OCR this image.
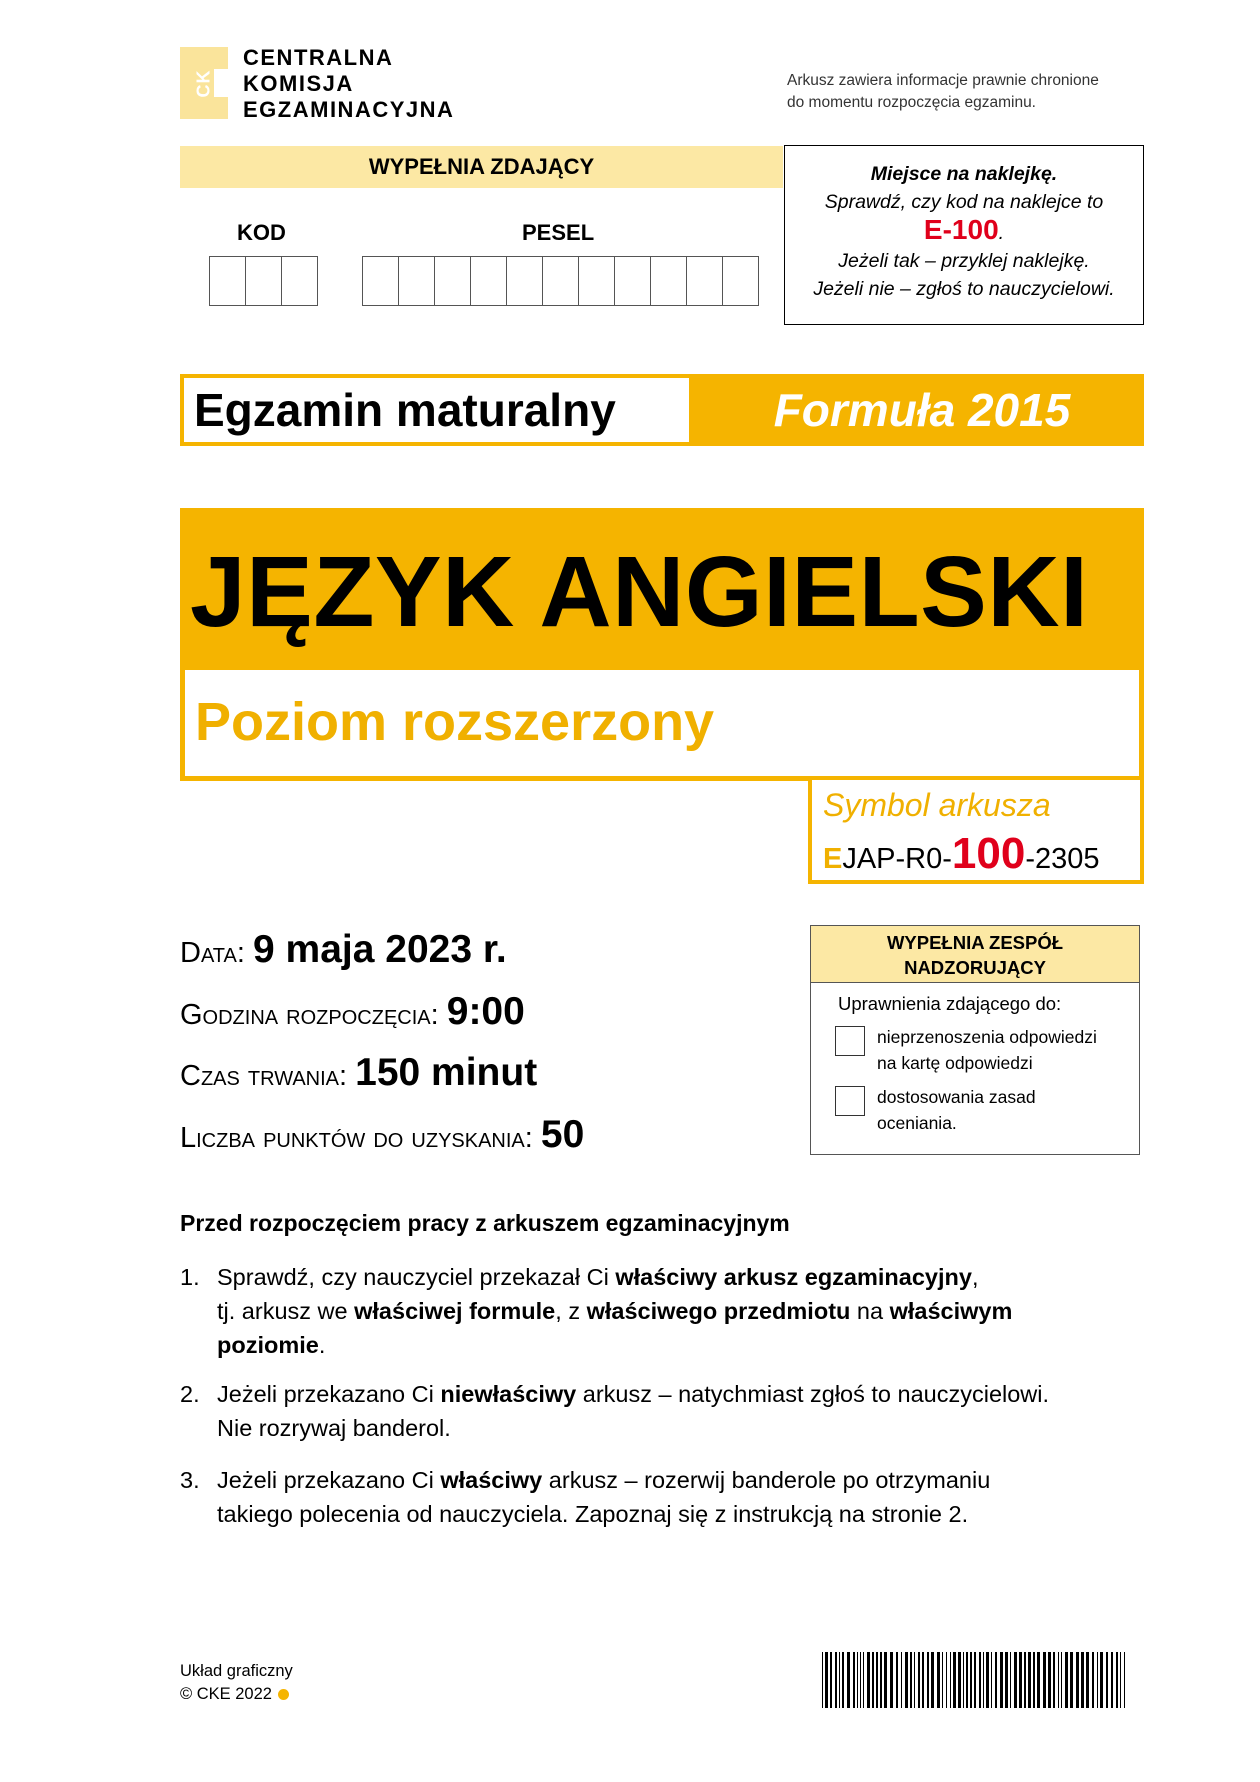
CK
CENTRALNA
KOMISJA
EGZAMINACYJNA
Arkusz zawiera informacje prawnie chronione
do momentu rozpoczęcia egzaminu.
WYPEŁNIA ZDAJĄCY
KOD	PESEL
Miejsce na naklejkę.
Sprawdź, czy kod na naklejce to
E-100.
Jeżeli tak – przyklej naklejkę.
Jeżeli nie – zgłoś to nauczycielowi.
Egzamin maturalny	Formuła 2015
JĘZYK ANGIELSKI
Poziom rozszerzony
Symbol arkusza
EJAP-R0-100-2305
Data: 9 maja 2023 r.
Godzina rozpoczęcia: 9:00
Czas trwania: 150 minut
Liczba punktów do uzyskania: 50
WYPEŁNIA ZESPÓŁ
NADZORUJĄCY
Uprawnienia zdającego do:
nieprzenoszenia odpowiedzi
na kartę odpowiedzi
dostosowania zasad
oceniania.
Przed rozpoczęciem pracy z arkuszem egzaminacyjnym
1. Sprawdź, czy nauczyciel przekazał Ci właściwy arkusz egzaminacyjny,
tj. arkusz we właściwej formule, z właściwego przedmiotu na właściwym
poziomie.
2. Jeżeli przekazano Ci niewłaściwy arkusz – natychmiast zgłoś to nauczycielowi.
Nie rozrywaj banderol.
3. Jeżeli przekazano Ci właściwy arkusz – rozerwij banderole po otrzymaniu
takiego polecenia od nauczyciela. Zapoznaj się z instrukcją na stronie 2.
Układ graficzny
© CKE 2022
